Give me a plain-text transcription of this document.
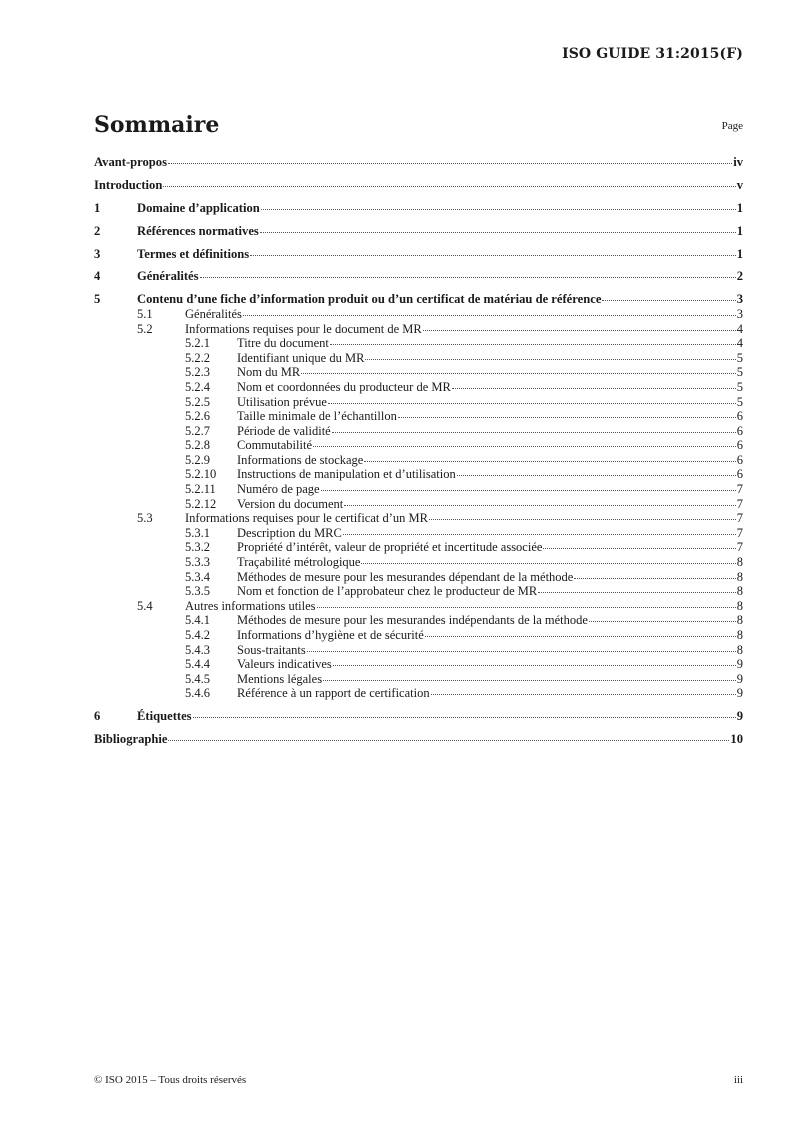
ISO GUIDE 31:2015(F)
Sommaire	Page
Avant-propos	iv
Introduction	v
1	Domaine d’application	1
2	Références normatives	1
3	Termes et définitions	1
4	Généralités	2
5	Contenu d’une fiche d’information produit ou d’un certificat de matériau de référence	3
5.1	Généralités	3
5.2	Informations requises pour le document de MR	4
5.2.1	Titre du document	4
5.2.2	Identifiant unique du MR	5
5.2.3	Nom du MR	5
5.2.4	Nom et coordonnées du producteur de MR	5
5.2.5	Utilisation prévue	5
5.2.6	Taille minimale de l’échantillon	6
5.2.7	Période de validité	6
5.2.8	Commutabilité	6
5.2.9	Informations de stockage	6
5.2.10	Instructions de manipulation et d’utilisation	6
5.2.11	Numéro de page	7
5.2.12	Version du document	7
5.3	Informations requises pour le certificat d’un MR	7
5.3.1	Description du MRC	7
5.3.2	Propriété d’intérêt, valeur de propriété et incertitude associée	7
5.3.3	Traçabilité métrologique	8
5.3.4	Méthodes de mesure pour les mesurandes dépendant de la méthode	8
5.3.5	Nom et fonction de l’approbateur chez le producteur de MR	8
5.4	Autres informations utiles	8
5.4.1	Méthodes de mesure pour les mesurandes indépendants de la méthode	8
5.4.2	Informations d’hygiène et de sécurité	8
5.4.3	Sous-traitants	8
5.4.4	Valeurs indicatives	9
5.4.5	Mentions légales	9
5.4.6	Référence à un rapport de certification	9
6	Étiquettes	9
Bibliographie	10
© ISO 2015 – Tous droits réservés	iii
